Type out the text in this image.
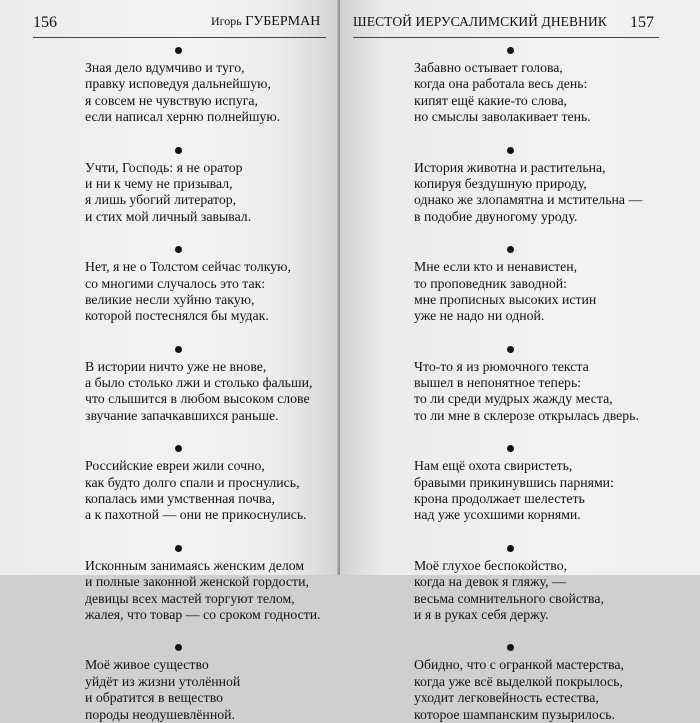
156	Игорь ГУБЕРМАН
Зная дело вдумчиво и туго,
правку исповедуя дальнейшую,
я совсем не чувствую испуга,
если написал херню полнейшую.
Учти, Господь: я не оратор
и ни к чему не призывал,
я лишь убогий литератор,
и стих мой личный завывал.
Нет, я не о Толстом сейчас толкую,
со многими случалось это так:
великие несли хуйню такую,
которой постеснялся бы мудак.
В истории ничто уже не внове,
а было столько лжи и столько фальши,
что слышится в любом высоком слове
звучание запачкавшихся раньше.
Российские евреи жили сочно,
как будто долго спали и проснулись,
копалась ими умственная почва,
а к пахотной — они не прикоснулись.
Исконным занимаясь женским делом
и полные законной женской гордости,
девицы всех мастей торгуют телом,
жалея, что товар — со сроком годности.
Моё живое существо
уйдёт из жизни утолённой
и обратится в вещество
породы неодушевлённой.
ШЕСТОЙ ИЕРУСАЛИМСКИЙ ДНЕВНИК 157
Забавно остывает голова,
когда она работала весь день:
кипят ещё какие-то слова,
но смыслы заволакивает тень.
История животна и растительна,
копируя бездушную природу,
однако же злопамятна и мстительна —
в подобие двуногому уроду.
Мне если кто и ненавистен,
то проповедник заводной:
мне прописных высоких истин
уже не надо ни одной.
Что-то я из рюмочного текста
вышел в непонятное теперь:
то ли среди мудрых жажду места,
то ли мне в склерозе открылась дверь.
Нам ещё охота свиристеть,
бравыми прикинувшись парнями:
крона продолжает шелестеть
над уже усохшими корнями.
Моё глухое беспокойство,
когда на девок я гляжу, —
весьма сомнительного свойства,
и я в руках себя держу.
Обидно, что с огранкой мастерства,
когда уже всё выделкой покрылось,
уходит легковейность естества,
которое шампанским пузырилось.
